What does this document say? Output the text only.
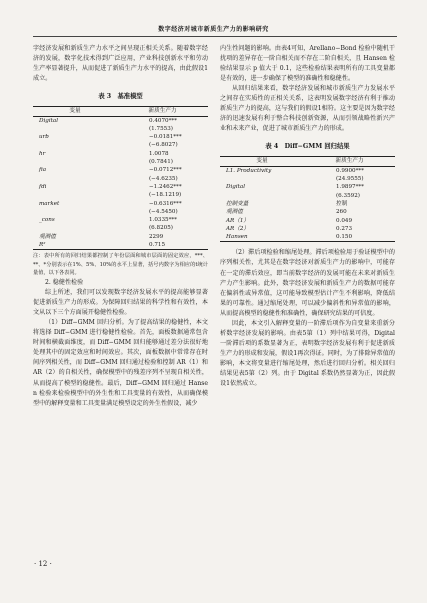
数字经济对城市新质生产力的影响研究

字经济发展和新质生产力水平之间呈现正相关关系。随着数字经济的发展，数字化技术得到广泛应用，产业科技创新水平和劳动生产率显著提升，从而促进了新质生产力水平的提高，由此假设1成立。

表 3　基准模型
变量	新质生产力
Digital	0.4070***
	(1.7553)
urb	−0.0181***
	(−6.8027)
hr	1.0078
	(0.7841)
fia	−0.0712***
	(−4.6235)
fdi	−1.2462***
	(−18.1219)
market	−0.6316***
	(−4.5450)
_cons	1.0335***
	(6.8205)
观测值	2299
R²	0.715
注：表中所有的回归结果都控制了年份层面和城市层面的固定效应，***、**、*分别表示在1%、5%、10%的水平上显著，括号内数字为相应的t统计量值，以下各表同。

2. 稳健性检验

综上所述，我们可以发现数字经济发展水平的提高能够显著促进新质生产力的形成。为保障回归结果的科学性和有效性，本文从以下三个方面展开稳健性检验。

（1）Diff−GMM 回归分析。为了提高结果的稳健性，本文将选择 Diff−GMM 进行稳健性检验。首先，面板数据通常包含时间和横截面维度，而 Diff−GMM 回归能够通过差分法很好地处理其中的固定效应和时间效应。其次，面板数据中常常存在时间序列相关性，而 Diff−GMM 回归通过检验和控制 AR（1）和 AR（2）的自相关性，确保模型中的残差序列不呈现自相关性，从而提高了模型的稳健性。最后，Diff−GMM 回归通过 Hansen 检验来检验模型中的外生性和工具变量的有效性，从而确保模型中的解释变量和工具变量满足模型设定的外生性假设，减少

内生性问题的影响。由表4可知，Arellano−Bond 检验中随机干扰项的差异存在一阶自相关而不存在二阶自相关，且 Hansen 检验结果显示 p 值大于 0.1，这些检验结果表明所有的工具变量都是有效的，进一步确保了模型的准确性和稳健性。

从回归结果来看，数字经济发展和城市新质生产力发展水平之间存在实质性的正相关关系，这表明发展数字经济有利于推动新质生产力的提高，这与我们的假设1相符。这主要是因为数字经济的迅速发展有利于整合科技创新资源，从而引领战略性新兴产业和未来产业，促进了城市新质生产力的形成。

表 4　Diff−GMM 回归结果
变量	新质生产力
L1. Productivity	0.9900***
	(24.9555)
Digital	1.9897***
	(6.3592)
控制变量	控制
观测值	260
AR（1）	0.049
AR（2）	0.273
Hansen	0.150

（2）滞后项检验和缩尾处理。滞后项检验用于验证模型中的序列相关性，尤其是在数字经济对新质生产力的影响中，可能存在一定的滞后效应，即当前数字经济的发展可能在未来对新质生产力产生影响。此外，数字经济发展和新质生产力的数据可能存在偏斜性或异常值，这可能导致模型估计产生不利影响，降低结果的可靠性。通过缩尾处理，可以减少偏斜性和异常值的影响，从而提高模型的稳健性和准确性，确保研究结果的可信度。

因此，本文引入解释变量的一阶滞后项作为自变量来重新分析数字经济发展的影响。由表5第（1）列中结果可得，Digital 一阶滞后项的系数显著为正，表明数字经济发展有利于促进新质生产力的形成和发展，假设1再次得证。同时，为了排除异常值的影响，本文将变量进行缩尾处理，然后进行回归分析。相关回归结果见表5第（2）列。由于 Digital 系数仍然显著为正，因此假设1依然成立。

· 12 ·
